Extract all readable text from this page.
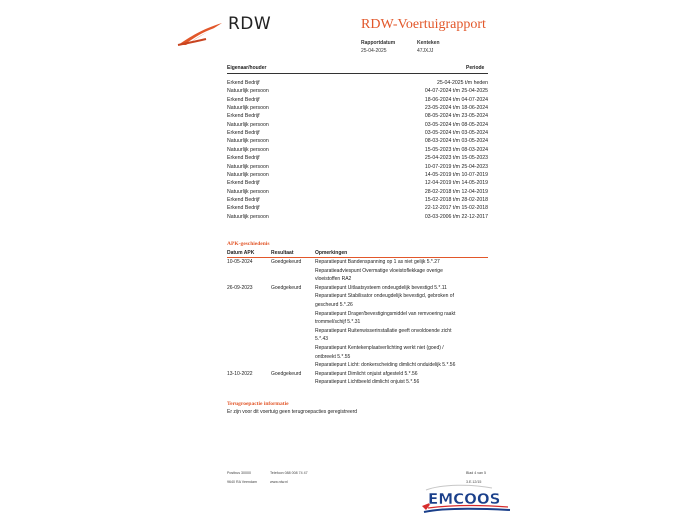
RDW	RDW-Voertuigrapport
Rapportdatum
25-04-2025
Kenteken
47JXJJ
Eigenaar/houder	Periode
Erkend Bedrijf	25-04-2025 t/m heden
Natuurlijk persoon	04-07-2024 t/m 25-04-2025
Erkend Bedrijf	18-06-2024 t/m 04-07-2024
Natuurlijk persoon	23-05-2024 t/m 18-06-2024
Erkend Bedrijf	08-05-2024 t/m 23-05-2024
Natuurlijk persoon	03-05-2024 t/m 08-05-2024
Erkend Bedrijf	03-05-2024 t/m 03-05-2024
Natuurlijk persoon	08-03-2024 t/m 03-05-2024
Natuurlijk persoon	15-05-2023 t/m 08-03-2024
Erkend Bedrijf	25-04-2023 t/m 15-05-2023
Natuurlijk persoon	10-07-2019 t/m 25-04-2023
Natuurlijk persoon	14-05-2019 t/m 10-07-2019
Erkend Bedrijf	12-04-2019 t/m 14-05-2019
Natuurlijk persoon	28-02-2018 t/m 12-04-2019
Erkend Bedrijf	15-02-2018 t/m 28-02-2018
Erkend Bedrijf	22-12-2017 t/m 15-02-2018
Natuurlijk persoon	03-03-2006 t/m 22-12-2017
APK-geschiedenis
Datum APK	Resultaat	Opmerkingen
10-05-2024	Goedgekeurd	Reparatiepunt Bandenspanning op 1 as niet gelijk 5.*.27
Reparatieadviespunt Overmatige vloeistoflekkage overige
vloeistoffen RA2
26-09-2023	Goedgekeurd	Reparatiepunt Uitlaatsysteem ondeugdelijk bevestigd 5.*.11
Reparatiepunt Stabilisator ondeugdelijk bevestigd, gebroken of
gescheurd 5.*.26
Reparatiepunt Drager/bevestigingsmiddel van remvoering raakt
trommel/schijf 5.*.31
Reparatiepunt Ruitenwisserinstallatie geeft onvoldoende zicht
5.*.43
Reparatiepunt Kentekenplaatverlichting werkt niet (goed) /
ontbreekt 5.*.55
Reparatiepunt Licht: donkerscheiding dimlicht onduidelijk 5.*.56
13-10-2022	Goedgekeurd	Reparatiepunt Dimlicht onjuist afgesteld 5.*.56
Reparatiepunt Lichtbeeld dimlicht onjuist 5.*.56
Terugroepactie informatie
Er zijn voor dit voertuig geen terugroepacties geregistreerd
Postbus 30000
9640 RA Veendam
Telefoon 088 008 74 47
www.rdw.nl
Blad 4 van 5
3.E.12/15
EMCOOS
